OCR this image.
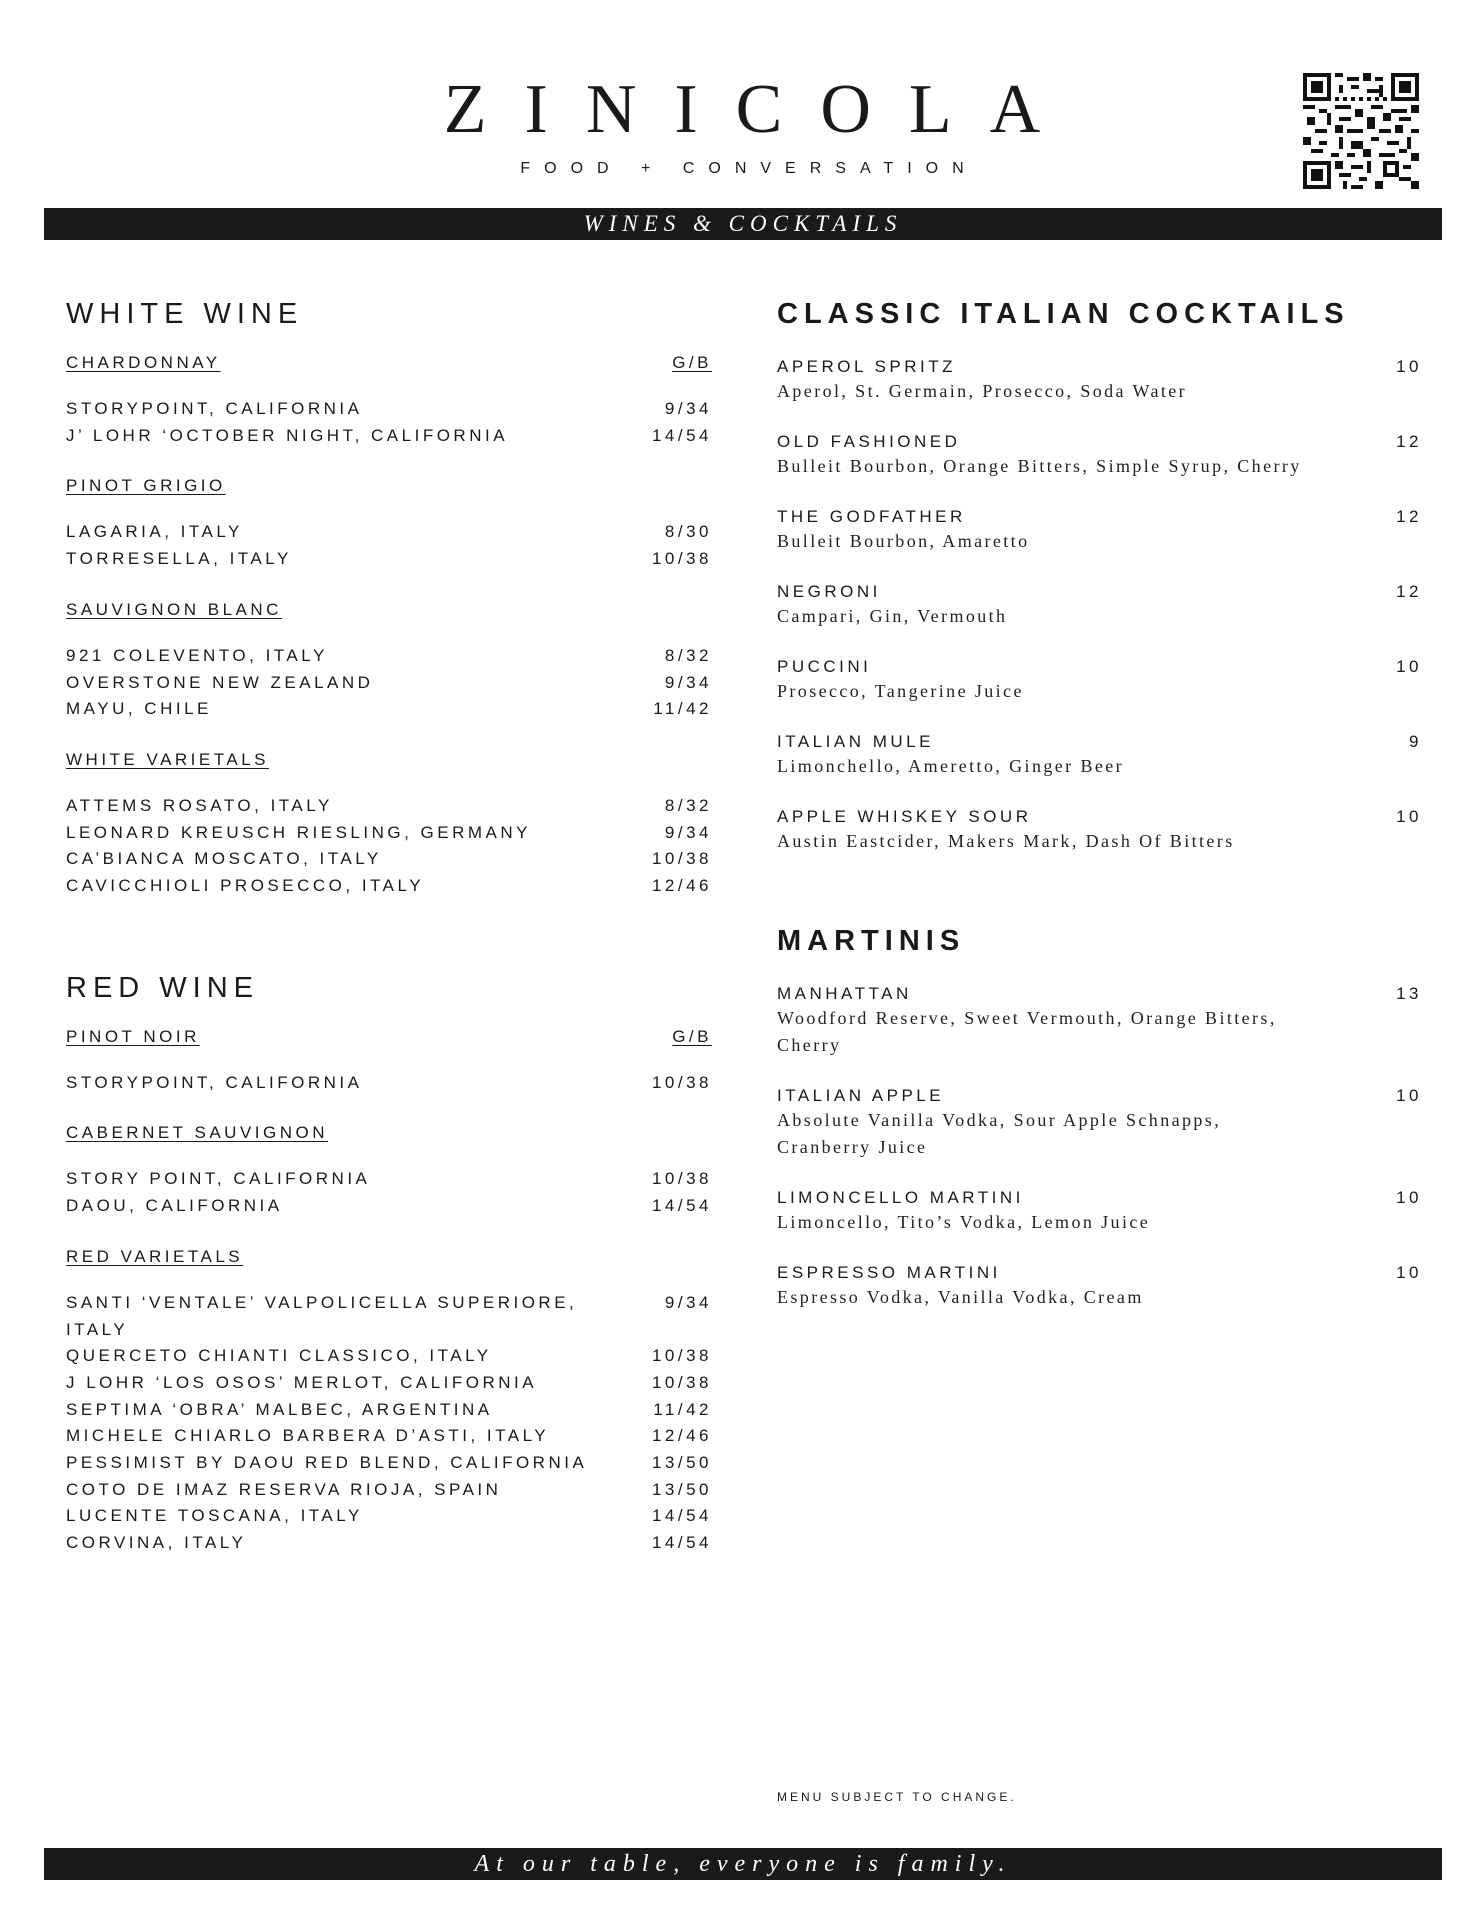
ZINICOLA
FOOD + CONVERSATION
WINES & COCKTAILS
WHITE WINE
CHARDONNAY	G/B
STORYPOINT, CALIFORNIA	9/34
J’ LOHR ‘OCTOBER NIGHT, CALIFORNIA	14/54
PINOT GRIGIO
LAGARIA, ITALY	8/30
TORRESELLA, ITALY	10/38
SAUVIGNON BLANC
921 COLEVENTO, ITALY	8/32
OVERSTONE NEW ZEALAND	9/34
MAYU, CHILE	11/42
WHITE VARIETALS
ATTEMS ROSATO, ITALY	8/32
LEONARD KREUSCH RIESLING, GERMANY	9/34
CA’BIANCA MOSCATO, ITALY	10/38
CAVICCHIOLI PROSECCO, ITALY	12/46
RED WINE
PINOT NOIR	G/B
STORYPOINT, CALIFORNIA	10/38
CABERNET SAUVIGNON
STORY POINT, CALIFORNIA	10/38
DAOU, CALIFORNIA	14/54
RED VARIETALS
SANTI ‘VENTALE’ VALPOLICELLA SUPERIORE, ITALY
9/34
QUERCETO CHIANTI CLASSICO, ITALY	10/38
J LOHR ‘LOS OSOS’ MERLOT, CALIFORNIA	10/38
SEPTIMA ‘OBRA’ MALBEC, ARGENTINA	11/42
MICHELE CHIARLO BARBERA D’ASTI, ITALY	12/46
PESSIMIST BY DAOU RED BLEND, CALIFORNIA	13/50
COTO DE IMAZ RESERVA RIOJA, SPAIN	13/50
LUCENTE TOSCANA, ITALY	14/54
CORVINA, ITALY	14/54
CLASSIC ITALIAN COCKTAILS
APEROL SPRITZ	10
Aperol, St. Germain, Prosecco, Soda Water
OLD FASHIONED	12
Bulleit Bourbon, Orange Bitters, Simple Syrup, Cherry
THE GODFATHER	12
Bulleit Bourbon, Amaretto
NEGRONI	12
Campari, Gin, Vermouth
PUCCINI	10
Prosecco, Tangerine Juice
ITALIAN MULE	9
Limonchello, Ameretto, Ginger Beer
APPLE WHISKEY SOUR	10
Austin Eastcider, Makers Mark, Dash Of Bitters
MARTINIS
MANHATTAN	13
Woodford Reserve, Sweet Vermouth, Orange Bitters, Cherry
ITALIAN APPLE	10
Absolute Vanilla Vodka, Sour Apple Schnapps, Cranberry Juice
LIMONCELLO MARTINI	10
Limoncello, Tito’s Vodka, Lemon Juice
ESPRESSO MARTINI	10
Espresso Vodka, Vanilla Vodka, Cream
MENU SUBJECT TO CHANGE.
At our table, everyone is family.
